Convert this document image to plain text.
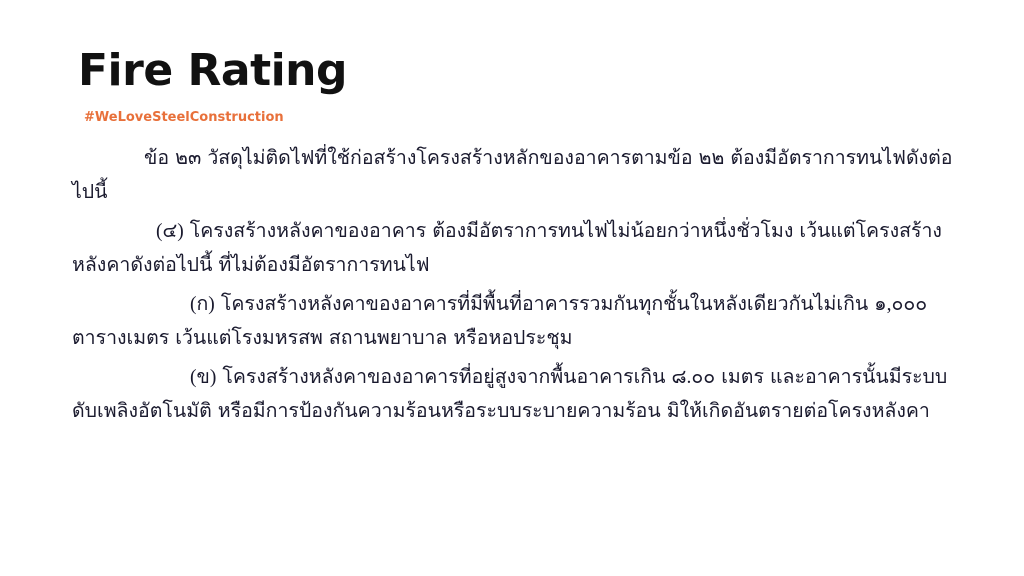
Fire Rating
#WeLoveSteelConstruction

ข้อ ๒๓ วัสดุไม่ติดไฟที่ใช้ก่อสร้างโครงสร้างหลักของอาคารตามข้อ ๒๒ ต้องมีอัตราการทนไฟดังต่อไปนี้

(๔) โครงสร้างหลังคาของอาคาร ต้องมีอัตราการทนไฟไม่น้อยกว่าหนึ่งชั่วโมง เว้นแต่โครงสร้างหลังคาดังต่อไปนี้ ที่ไม่ต้องมีอัตราการทนไฟ

(ก) โครงสร้างหลังคาของอาคารที่มีพื้นที่อาคารรวมกันทุกชั้นในหลังเดียวกันไม่เกิน ๑,๐๐๐ ตารางเมตร เว้นแต่โรงมหรสพ สถานพยาบาล หรือหอประชุม

(ข) โครงสร้างหลังคาของอาคารที่อยู่สูงจากพื้นอาคารเกิน ๘.๐๐ เมตร และอาคารนั้นมีระบบดับเพลิงอัตโนมัติ หรือมีการป้องกันความร้อนหรือระบบระบายความร้อน มิให้เกิดอันตรายต่อโครงหลังคา
